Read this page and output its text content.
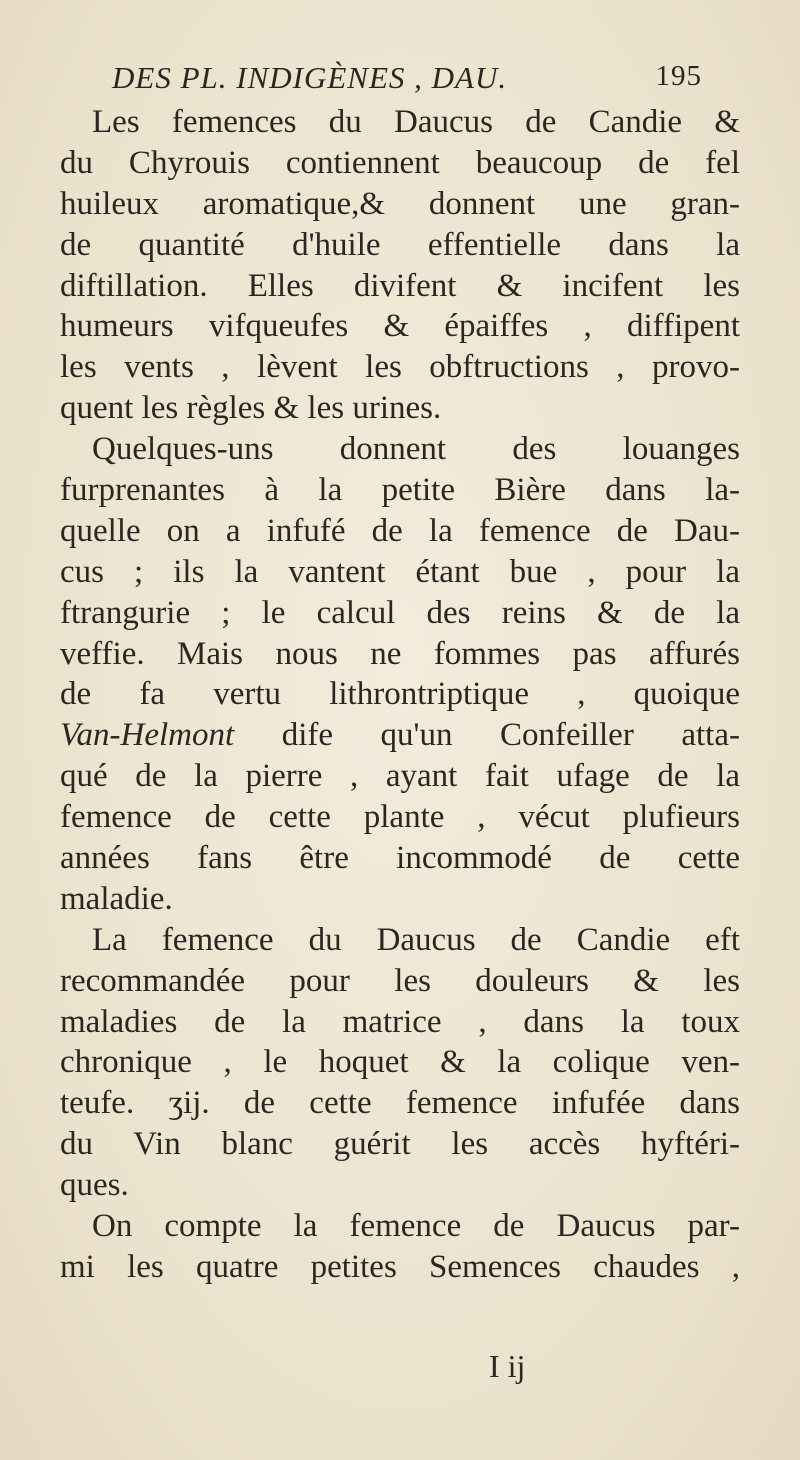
DES PL. INDIGÈNES , DAU.	195
Les femences du Daucus de Candie &
du Chyrouis contiennent beaucoup de fel
huileux aromatique,& donnent une gran-
de quantité d'huile effentielle dans la
diftillation. Elles divifent & incifent les
humeurs vifqueufes & épaiffes , diffipent
les vents , lèvent les obftructions , provo-
quent les règles & les urines.
Quelques-uns donnent des louanges
furprenantes à la petite Bière dans la-
quelle on a infufé de la femence de Dau-
cus ; ils la vantent étant bue , pour la
ftrangurie ; le calcul des reins & de la
veffie. Mais nous ne fommes pas affurés
de fa vertu lithrontriptique , quoique
Van-Helmont dife qu'un Confeiller atta-
qué de la pierre , ayant fait ufage de la
femence de cette plante , vécut plufieurs
années fans être incommodé de cette
maladie.
La femence du Daucus de Candie eft
recommandée pour les douleurs & les
maladies de la matrice , dans la toux
chronique , le hoquet & la colique ven-
teufe. ʒij. de cette femence infufée dans
du Vin blanc guérit les accès hyftéri-
ques.
On compte la femence de Daucus par-
mi les quatre petites Semences chaudes ,
I ij
